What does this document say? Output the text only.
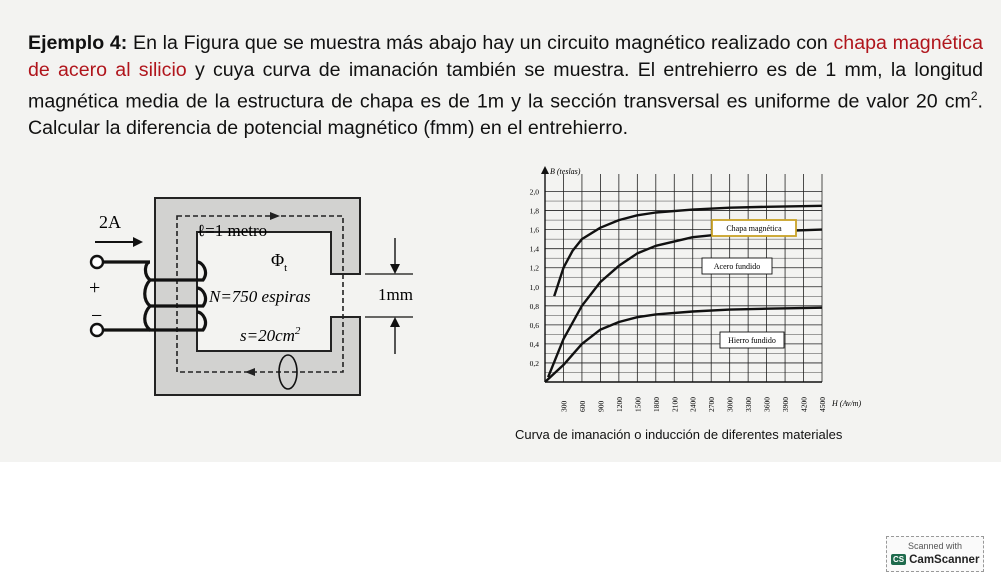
Ejemplo 4: En la Figura que se muestra más abajo hay un circuito magnético realizado con chapa magnética de acero al silicio y cuya curva de imanación también se muestra. El entrehierro es de 1 mm, la longitud magnética media de la estructura de chapa es de 1m y la sección transversal es uniforme de valor 20 $cm^2$. Calcular la diferencia de potencial magnético (fmm) en el entrehierro.
2A
+
−
ℓ=1 metro
$\Phi_t$
N=750 espiras
$s=20cm^2$
1mm
0,2
0,4
0,6
0,8
1,0
1,2
1,4
1,6
1,8
2,0
300 600 900 1200 1500 1800 2100 2400 2700 3000 3300 3600 3900 4200 4500
Chapa magnética
Acero fundido
Hierro fundido
B (teslas)
H (Av/m)
Curva de imanación o inducción de diferentes materiales
Scanned with
CS CamScanner
